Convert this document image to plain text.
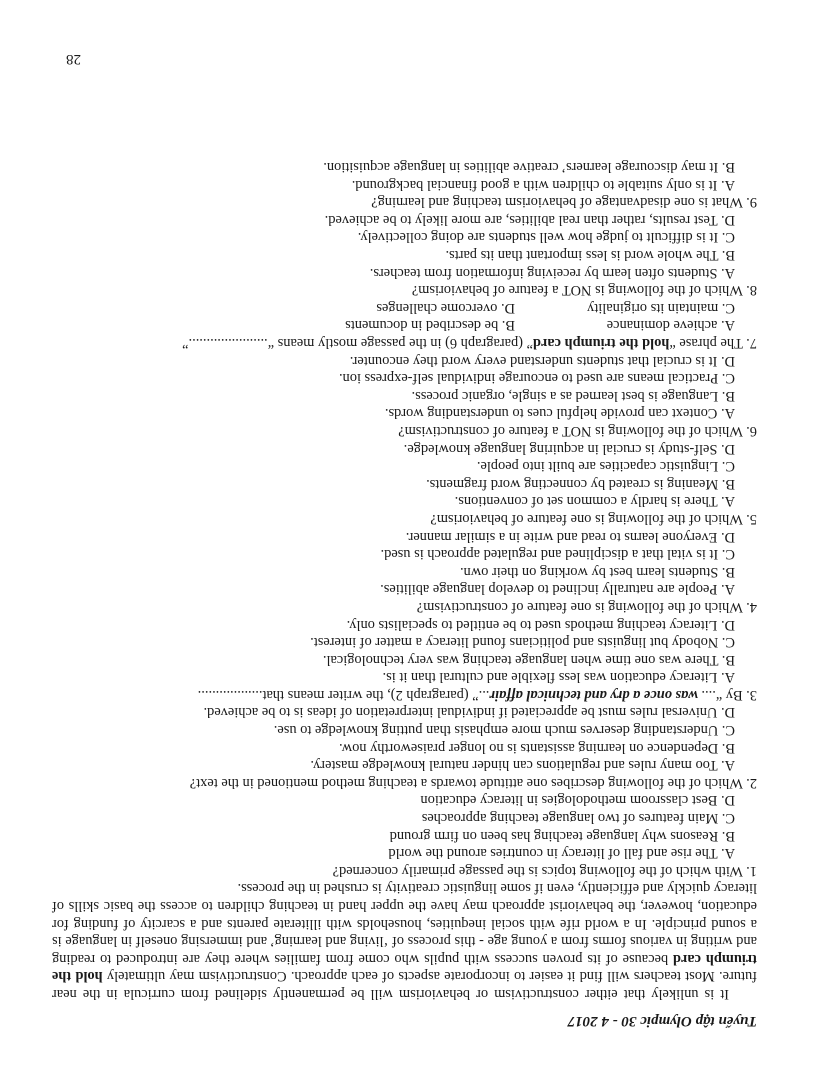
Tuyển tập Olympic 30 - 4 2017

It is unlikely that either constructivism or behaviorism will be permanently sidelined from curricula in the near future. Most teachers will find it easier to incorporate aspects of each approach. Constructivism may ultimately hold the triumph card because of its proven success with pupils who come from families where they are introduced to reading and writing in various forms from a young age - this process of ‘living and learning’ and immersing oneself in language is a sound principle. In a world rife with social inequities, households with illiterate parents and a scarcity of funding for education, however, the behaviorist approach may have the upper hand in teaching children to access the basic skills of literacy quickly and efficiently, even if some linguistic creativity is crushed in the process.

1. With which of the following topics is the passage primarily concerned?
A. The rise and fall of literacy in countries around the world
B. Reasons why language teaching has been on firm ground
C. Main features of two language teaching approaches
D. Best classroom methodologies in literacy education
2. Which of the following describes one attitude towards a teaching method mentioned in the text?
A. Too many rules and regulations can hinder natural knowledge mastery.
B. Dependence on learning assistants is no longer praiseworthy now.
C. Understanding deserves much more emphasis than putting knowledge to use.
D. Universal rules must be appreciated if individual interpretation of ideas is to be achieved.
3. By “.... was once a dry and technical affair...” (paragraph 2), the writer means that..................
A. Literacy education was less flexible and cultural than it is.
B. There was one time when language teaching was very technological.
C. Nobody but linguists and politicians found literacy a matter of interest.
D. Literacy teaching methods used to be entitled to specialists only.
4. Which of the following is one feature of constructivism?
A. People are naturally inclined to develop language abilities.
B. Students learn best by working on their own.
C. It is vital that a disciplined and regulated approach is used.
D. Everyone learns to read and write in a similar manner.
5. Which of the following is one feature of behaviorism?
A. There is hardly a common set of conventions.
B. Meaning is created by connecting word fragments.
C. Linguistic capacities are built into people.
D. Self-study is crucial in acquiring language knowledge.
6. Which of the following is NOT a feature of constructivism?
A. Context can provide helpful cues to understanding words.
B. Language is best learned as a single, organic process.
C. Practical means are used to encourage individual self-express ion.
D. It is crucial that students understand every word they encounter.
7. The phrase “hold the triumph card” (paragraph 6) in the passage mostly means “......................”
A. achieve dominance
B. be described in documents
C. maintain its originality
D. overcome challenges
8. Which of the following is NOT a feature of behaviorism?
A. Students often learn by receiving information from teachers.
B. The whole word is less important than its parts.
C. It is difficult to judge how well students are doing collectively.
D. Test results, rather than real abilities, are more likely to be achieved.
9. What is one disadvantage of behaviorism teaching and learning?
A. It is only suitable to children with a good financial background.
B. It may discourage learners’ creative abilities in language acquisition.
28
